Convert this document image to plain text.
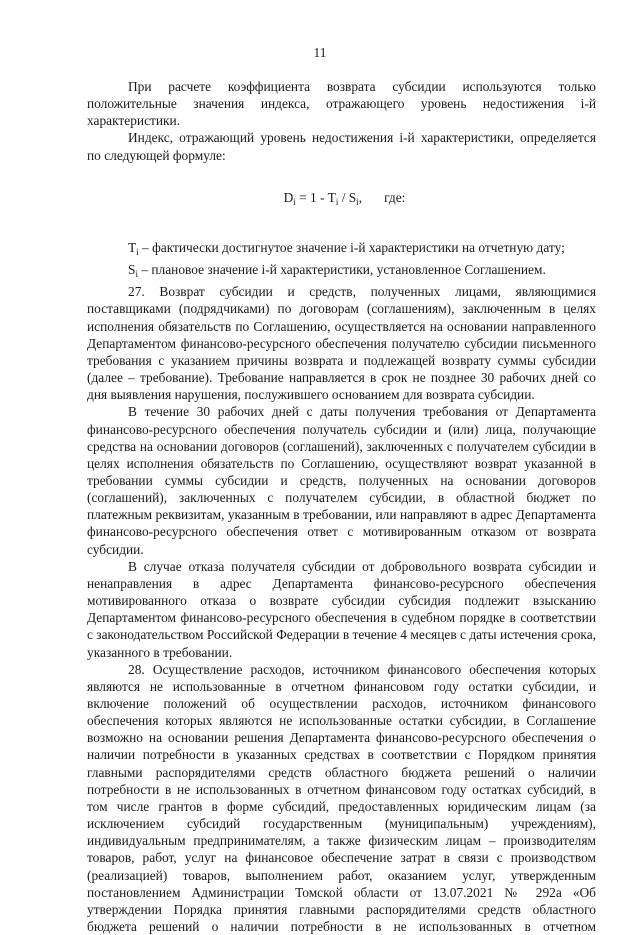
11
При расчете коэффициента возврата субсидии используются только положительные значения индекса, отражающего уровень недостижения i-й характеристики.
Индекс, отражающий уровень недостижения i-й характеристики, определяется по следующей формуле:
$D_i = 1 - T_i / S_i$, где:
$T_i$ – фактически достигнутое значение i-й характеристики на отчетную дату;
$S_i$ – плановое значение i-й характеристики, установленное Соглашением.
27. Возврат субсидии и средств, полученных лицами, являющимися поставщиками (подрядчиками) по договорам (соглашениям), заключенным в целях исполнения обязательств по Соглашению, осуществляется на основании направленного Департаментом финансово-ресурсного обеспечения получателю субсидии письменного требования с указанием причины возврата и подлежащей возврату суммы субсидии (далее – требование). Требование направляется в срок не позднее 30 рабочих дней со дня выявления нарушения, послужившего основанием для возврата субсидии.
В течение 30 рабочих дней с даты получения требования от Департамента финансово-ресурсного обеспечения получатель субсидии и (или) лица, получающие средства на основании договоров (соглашений), заключенных с получателем субсидии в целях исполнения обязательств по Соглашению, осуществляют возврат указанной в требовании суммы субсидии и средств, полученных на основании договоров (соглашений), заключенных с получателем субсидии, в областной бюджет по платежным реквизитам, указанным в требовании, или направляют в адрес Департамента финансово-ресурсного обеспечения ответ с мотивированным отказом от возврата субсидии.
В случае отказа получателя субсидии от добровольного возврата субсидии и ненаправления в адрес Департамента финансово-ресурсного обеспечения мотивированного отказа о возврате субсидии субсидия подлежит взысканию Департаментом финансово-ресурсного обеспечения в судебном порядке в соответствии с законодательством Российской Федерации в течение 4 месяцев с даты истечения срока, указанного в требовании.
28. Осуществление расходов, источником финансового обеспечения которых являются не использованные в отчетном финансовом году остатки субсидии, и включение положений об осуществлении расходов, источником финансового обеспечения которых являются не использованные остатки субсидии, в Соглашение возможно на основании решения Департамента финансово-ресурсного обеспечения о наличии потребности в указанных средствах в соответствии с Порядком принятия главными распорядителями средств областного бюджета решений о наличии потребности в не использованных в отчетном финансовом году остатках субсидий, в том числе грантов в форме субсидий, предоставленных юридическим лицам (за исключением субсидий государственным (муниципальным) учреждениям), индивидуальным предпринимателям, а также физическим лицам – производителям товаров, работ, услуг на финансовое обеспечение затрат в связи с производством (реализацией) товаров, выполнением работ, оказанием услуг, утвержденным постановлением Администрации Томской области от 13.07.2021 № 292а «Об утверждении Порядка принятия главными распорядителями средств областного бюджета решений о наличии потребности в не использованных в отчетном
